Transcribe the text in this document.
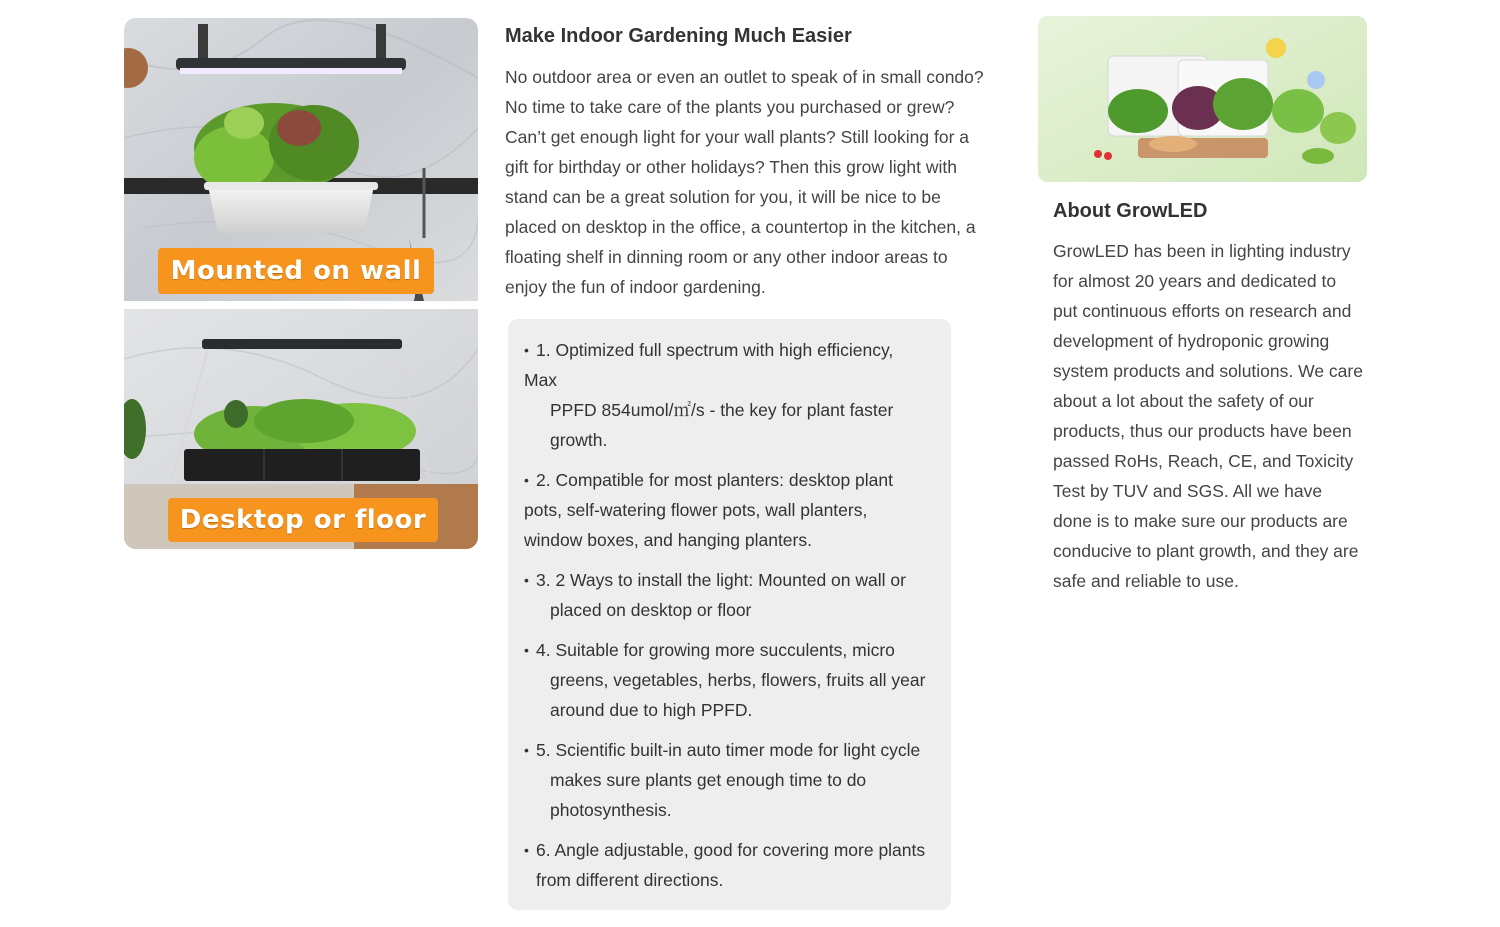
Mounted on wall
Desktop or floor
Make Indoor Gardening Much Easier

No outdoor area or even an outlet to speak of in small condo? No time to take care of the plants you purchased or grew? Can’t get enough light for your wall plants? Still looking for a gift for birthday or other holidays? Then this grow light with stand can be a great solution for you, it will be nice to be placed on desktop in the office, a countertop in the kitchen, a floating shelf in dinning room or any other indoor areas to enjoy the fun of indoor gardening.

• 1. Optimized full spectrum with high efficiency,
Max
PPFD 854umol/㎡/s - the key for plant faster
growth.
• 2. Compatible for most planters: desktop plant
pots, self-watering flower pots, wall planters,
window boxes, and hanging planters.
• 3. 2 Ways to install the light: Mounted on wall or
placed on desktop or floor
• 4. Suitable for growing more succulents, micro
greens, vegetables, herbs, flowers, fruits all year
around due to high PPFD.
• 5. Scientific built-in auto timer mode for light cycle
makes sure plants get enough time to do
photosynthesis.
• 6. Angle adjustable, good for covering more plants
from different directions.
About GrowLED

GrowLED has been in lighting industry for almost 20 years and dedicated to put continuous efforts on research and development of hydroponic growing system products and solutions. We care about a lot about the safety of our products, thus our products have been passed RoHs, Reach, CE, and Toxicity Test by TUV and SGS. All we have done is to make sure our products are conducive to plant growth, and they are safe and reliable to use.
